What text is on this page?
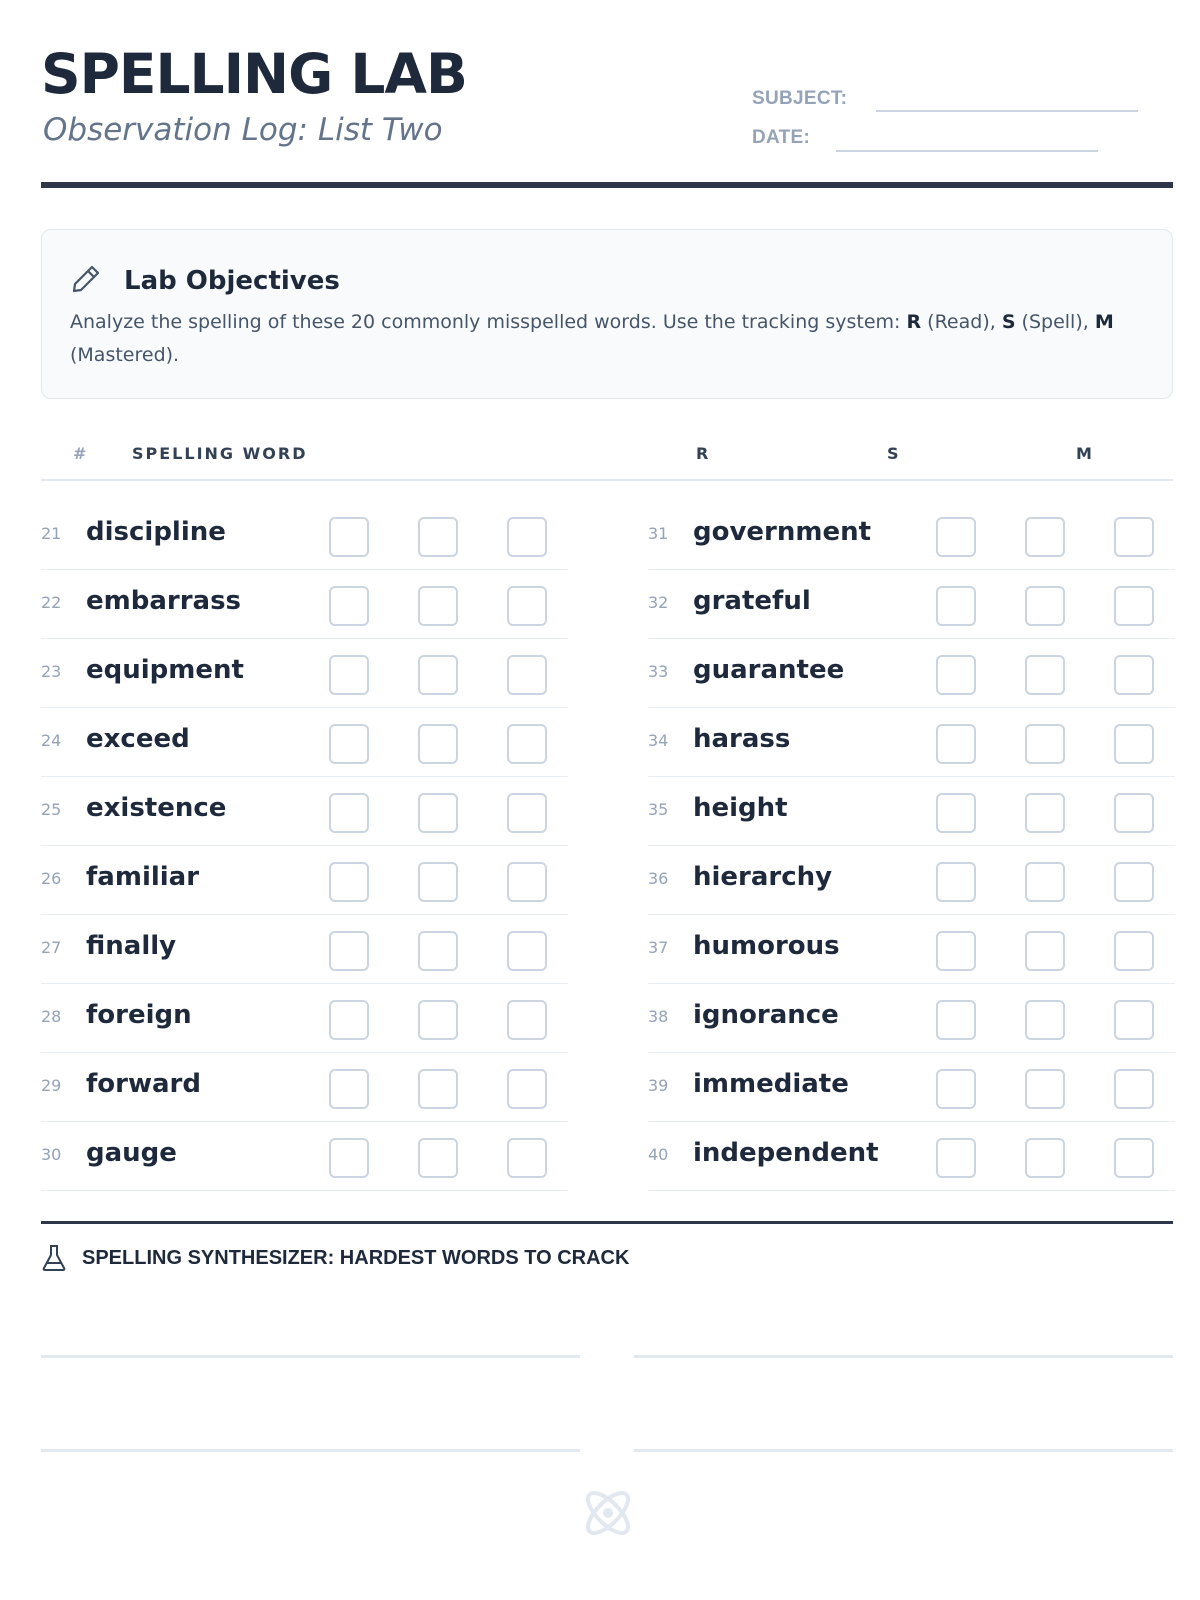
SPELLING LAB
Observation Log: List Two
SUBJECT:
DATE:
Lab Objectives
Analyze the spelling of these 20 commonly misspelled words. Use the tracking system: R (Read), S (Spell), M (Mastered).
#	SPELLING WORD	R	S	M
21 discipline
22 embarrass
23 equipment
24 exceed
25 existence
26 familiar
27 finally
28 foreign
29 forward
30 gauge
31 government
32 grateful
33 guarantee
34 harass
35 height
36 hierarchy
37 humorous
38 ignorance
39 immediate
40 independent
SPELLING SYNTHESIZER: HARDEST WORDS TO CRACK
